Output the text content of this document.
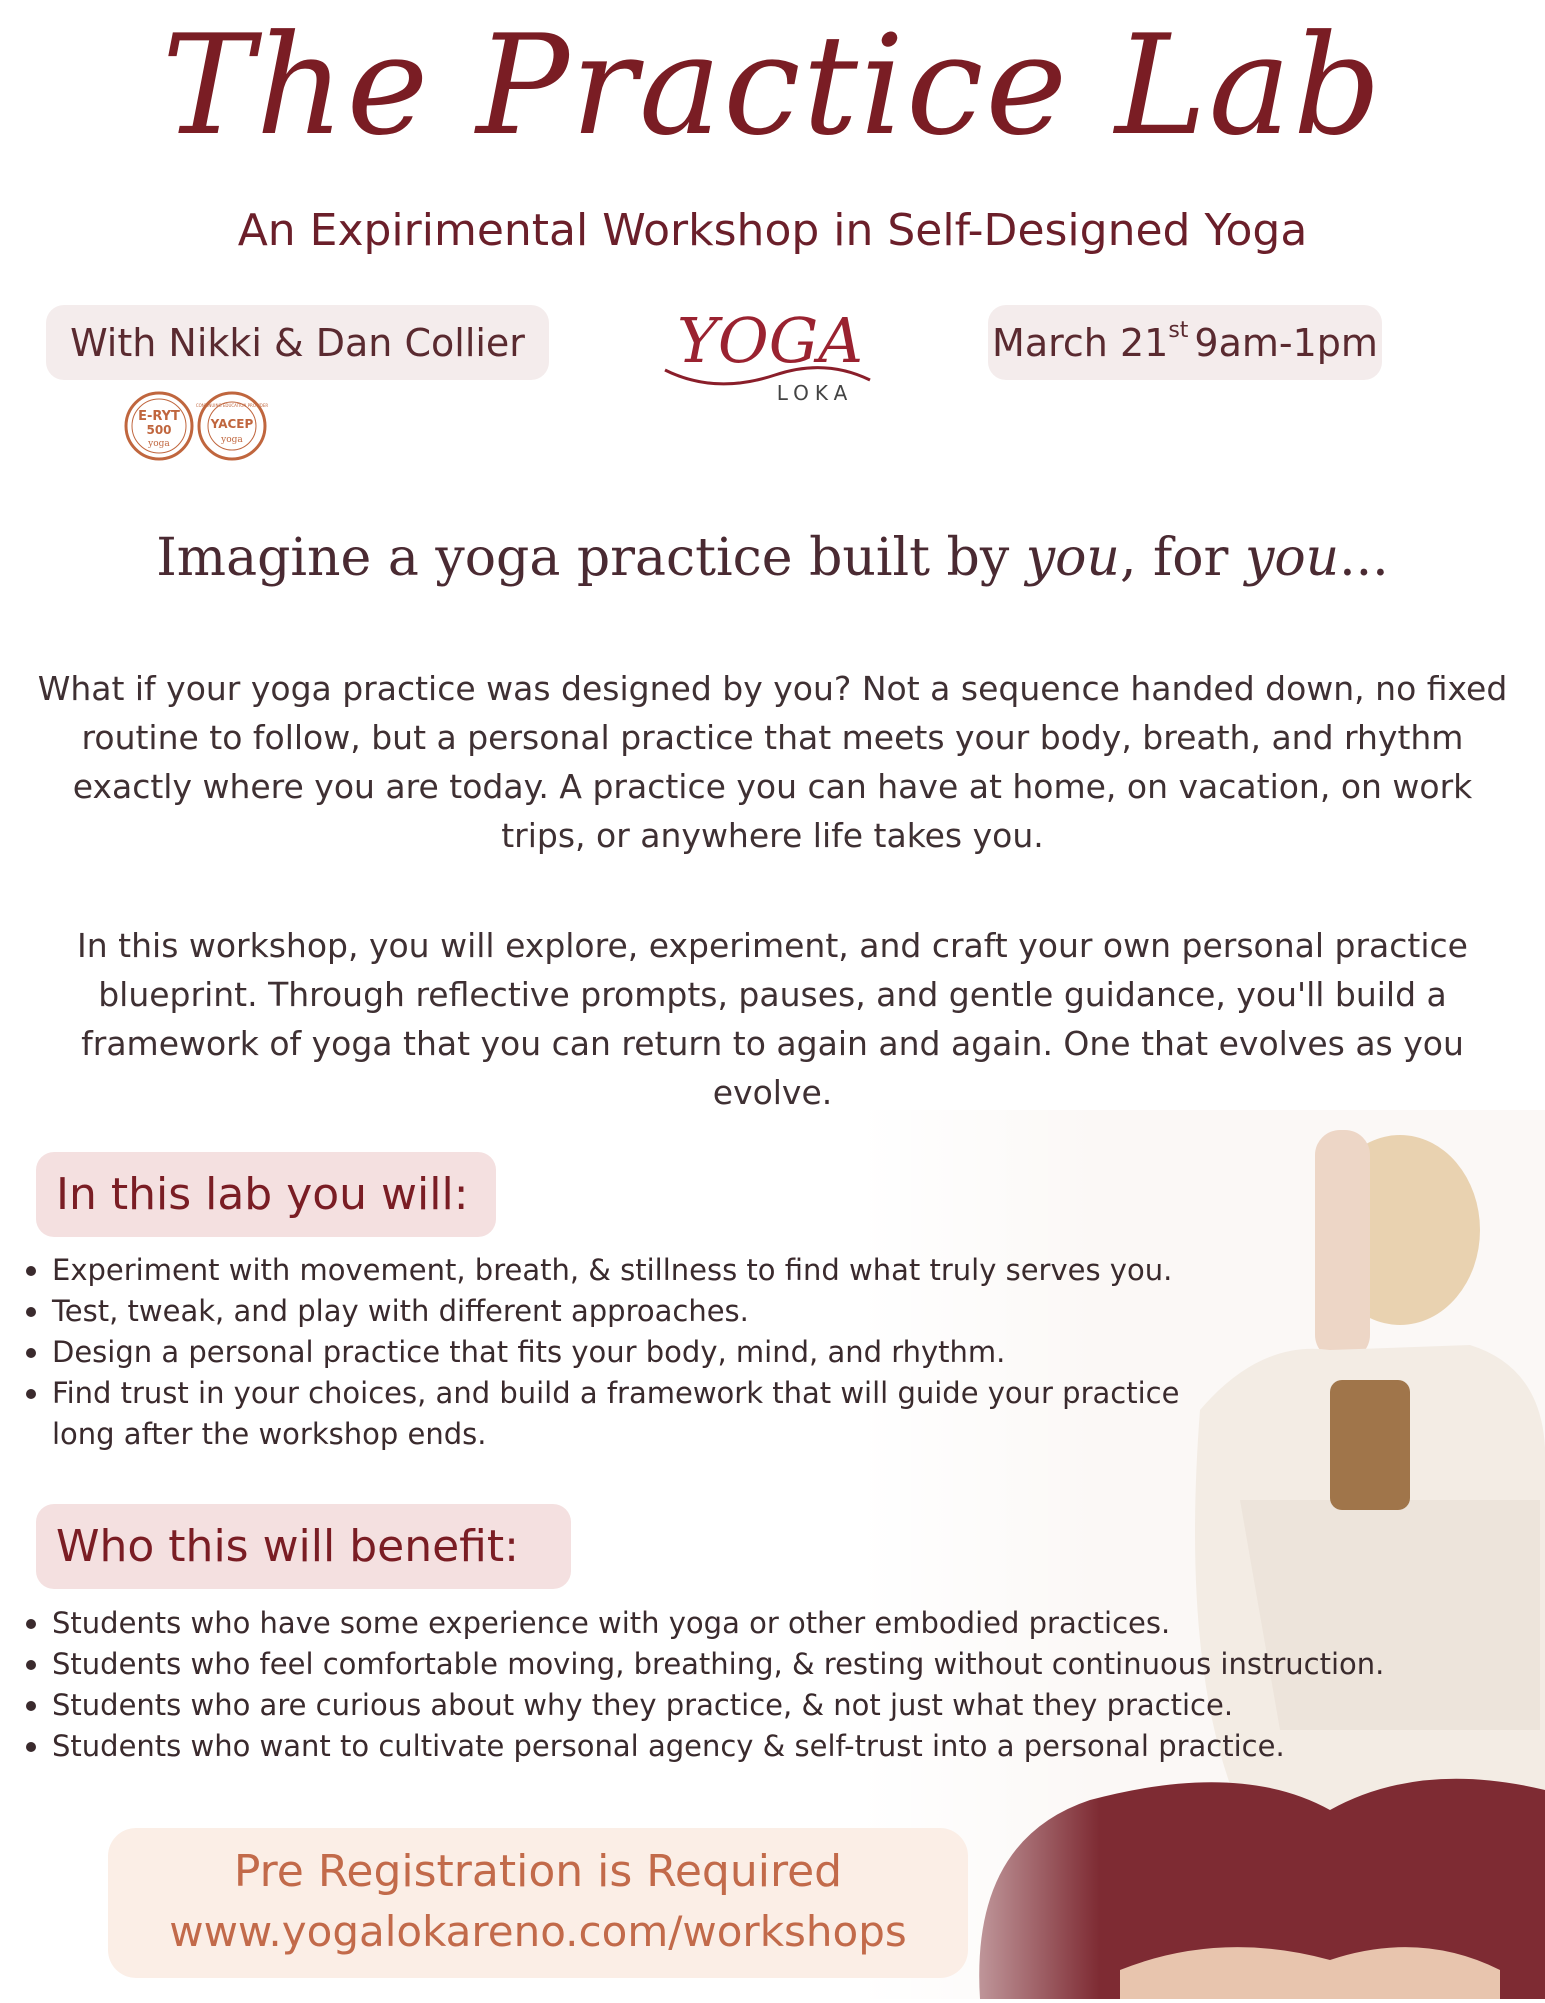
The Practice Lab
An Expirimental Workshop in Self-Designed Yoga
With Nikki & Dan Collier YOGA
LOKA
March 21st 9am-1pm
E-RYT
500
yoga
YACEP
yoga
CONTINUING EDUCATION PROVIDER
Imagine a yoga practice built by you, for you...
What if your yoga practice was designed by you? Not a sequence handed down, no fixed routine to follow, but a personal practice that meets your body, breath, and rhythm exactly where you are today. A practice you can have at home, on vacation, on work trips, or anywhere life takes you.
In this workshop, you will explore, experiment, and craft your own personal practice blueprint. Through reflective prompts, pauses, and gentle guidance, you'll build a framework of yoga that you can return to again and again. One that evolves as you evolve.
In this lab you will:
Experiment with movement, breath, & stillness to find what truly serves you.
Test, tweak, and play with different approaches.
Design a personal practice that fits your body, mind, and rhythm.
Find trust in your choices, and build a framework that will guide your practice long after the workshop ends.
Who this will benefit:
Students who have some experience with yoga or other embodied practices.
Students who feel comfortable moving, breathing, & resting without continuous instruction.
Students who are curious about why they practice, & not just what they practice.
Students who want to cultivate personal agency & self-trust into a personal practice.
Pre Registration is Required
www.yogalokareno.com/workshops
